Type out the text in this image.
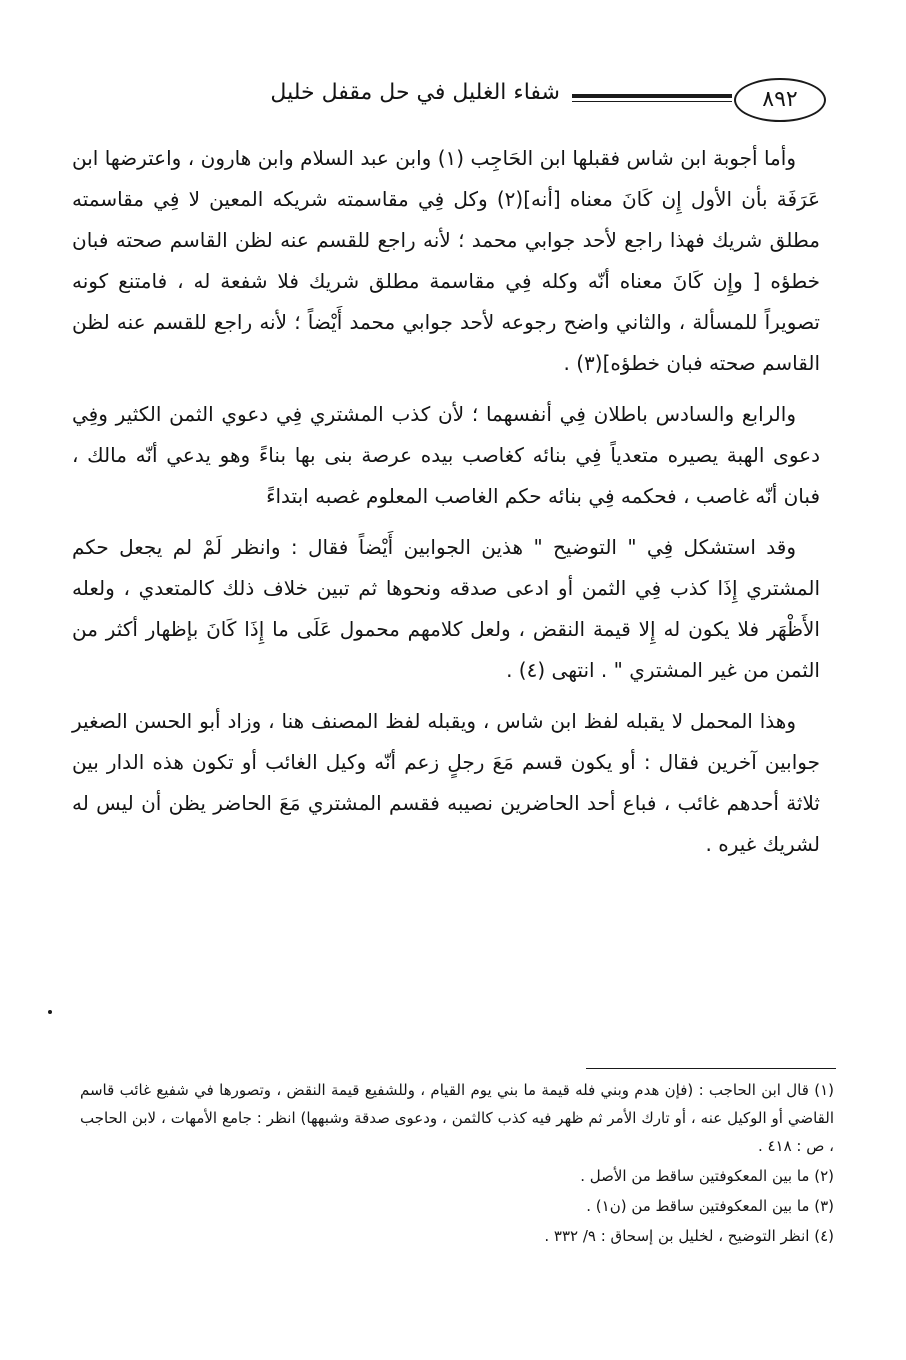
٨٩٢
شفاء الغليل في حل مقفل خليل

وأما أجوبة ابن شاس فقبلها ابن الحَاجِب (١) وابن عبد السلام وابن هارون ، واعترضها ابن عَرَفَة بأن الأول إِن كَانَ معناه [أنه](٢) وكل فِي مقاسمته شريكه المعين لا فِي مقاسمته مطلق شريك فهذا راجع لأحد جوابي محمد ؛ لأنه راجع للقسم عنه لظن القاسم صحته فبان خطؤه [ وإِن كَانَ معناه أنّه وكله فِي مقاسمة مطلق شريك فلا شفعة له ، فامتنع كونه تصويراً للمسألة ، والثاني واضح رجوعه لأحد جوابي محمد أَيْضاً ؛ لأنه راجع للقسم عنه لظن القاسم صحته فبان خطؤه](٣) .

والرابع والسادس باطلان فِي أنفسهما ؛ لأن كذب المشتري فِي دعوي الثمن الكثير وفِي دعوى الهبة يصيره متعدياً فِي بنائه كغاصب بيده عرصة بنى بها بناءً وهو يدعي أنّه مالك ، فبان أنّه غاصب ، فحكمه فِي بنائه حكم الغاصب المعلوم غصبه ابتداءً

وقد استشكل فِي " التوضيح " هذين الجوابين أَيْضاً فقال : وانظر لَمْ لم يجعل حكم المشتري إِذَا كذب فِي الثمن أو ادعى صدقه ونحوها ثم تبين خلاف ذلك كالمتعدي ، ولعله الأَظْهَر فلا يكون له إِلا قيمة النقض ، ولعل كلامهم محمول عَلَى ما إِذَا كَانَ بإظهار أكثر من الثمن من غير المشتري " . انتهى (٤) .

وهذا المحمل لا يقبله لفظ ابن شاس ، ويقبله لفظ المصنف هنا ، وزاد أبو الحسن الصغير جوابين آخرين فقال : أو يكون قسم مَعَ رجلٍ زعم أنّه وكيل الغائب أو تكون هذه الدار بين ثلاثة أحدهم غائب ، فباع أحد الحاضرين نصيبه فقسم المشتري مَعَ الحاضر يظن أن ليس له لشريك غيره .

(١) قال ابن الحاجب : (فإن هدم وبني فله قيمة ما بني يوم القيام ، وللشفيع قيمة النقض ، وتصورها في شفيع غائب قاسم القاضي أو الوكيل عنه ، أو تارك الأمر ثم ظهر فيه كذب كالثمن ، ودعوى صدقة وشبهها) انظر : جامع الأمهات ، لابن الحاجب ، ص : ٤١٨ .

(٢) ما بين المعكوفتين ساقط من الأصل .

(٣) ما بين المعكوفتين ساقط من (ن١) .

(٤) انظر التوضيح ، لخليل بن إسحاق : ٩/ ٣٣٢ .
